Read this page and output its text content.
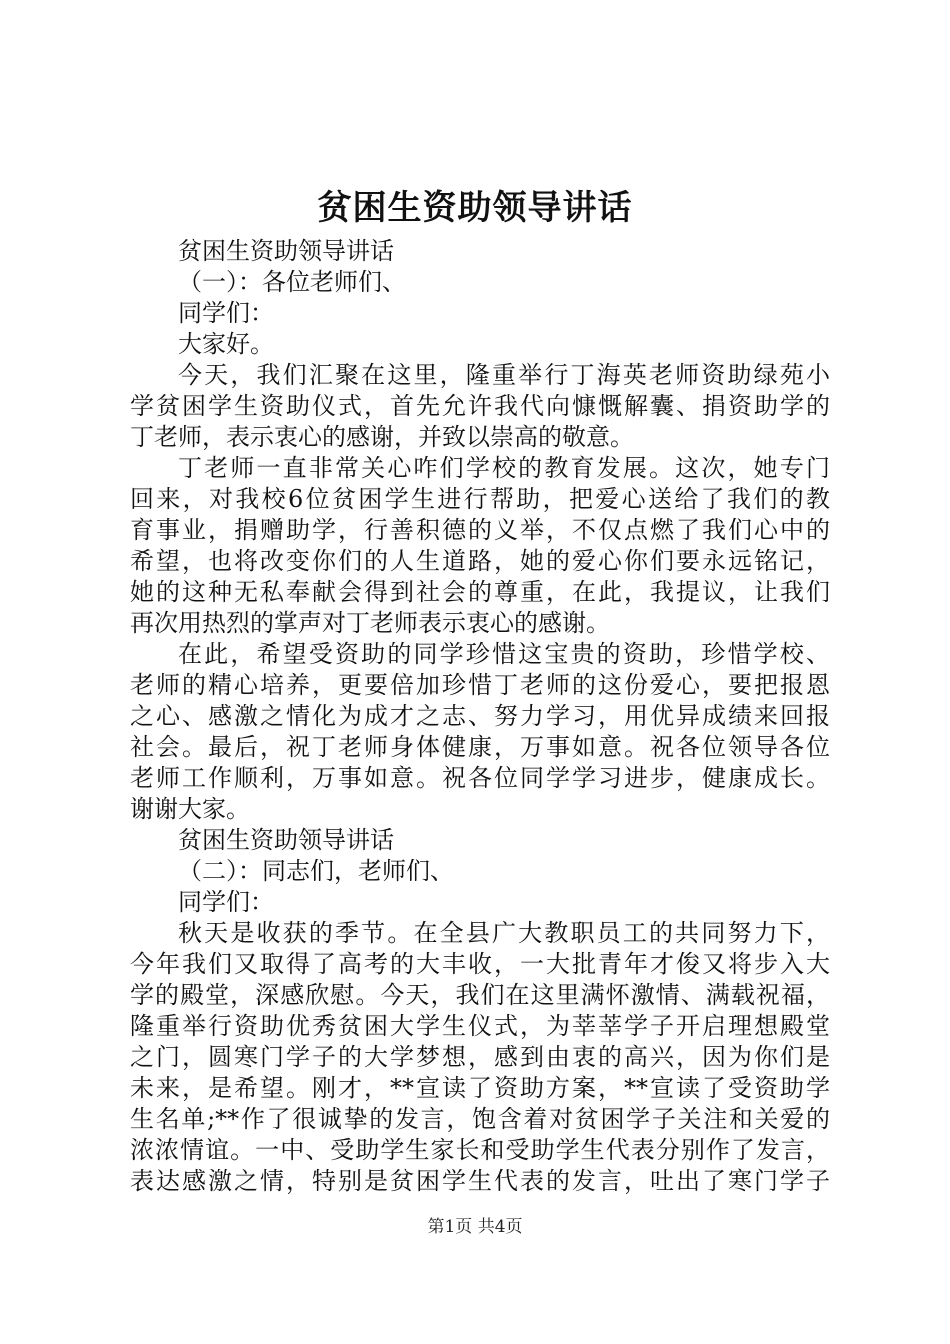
贫困生资助领导讲话

贫困生资助领导讲话

（一）：各位老师们、

同学们：

大家好。

今天，我们汇聚在这里，隆重举行丁海英老师资助绿苑小

学贫困学生资助仪式，首先允许我代向慷慨解囊、捐资助学的

丁老师，表示衷心的感谢，并致以崇高的敬意。

丁老师一直非常关心咋们学校的教育发展。这次，她专门

回来，对我校6位贫困学生进行帮助，把爱心送给了我们的教

育事业，捐赠助学，行善积德的义举，不仅点燃了我们心中的

希望，也将改变你们的人生道路，她的爱心你们要永远铭记，

她的这种无私奉献会得到社会的尊重，在此，我提议，让我们

再次用热烈的掌声对丁老师表示衷心的感谢。

在此，希望受资助的同学珍惜这宝贵的资助，珍惜学校、

老师的精心培养，更要倍加珍惜丁老师的这份爱心，要把报恩

之心、感激之情化为成才之志、努力学习，用优异成绩来回报

社会。最后，祝丁老师身体健康，万事如意。祝各位领导各位

老师工作顺利，万事如意。祝各位同学学习进步，健康成长。

谢谢大家。

贫困生资助领导讲话

（二）：同志们，老师们、

同学们：

秋天是收获的季节。在全县广大教职员工的共同努力下，

今年我们又取得了高考的大丰收，一大批青年才俊又将步入大

学的殿堂，深感欣慰。今天，我们在这里满怀激情、满载祝福，

隆重举行资助优秀贫困大学生仪式，为莘莘学子开启理想殿堂

之门，圆寒门学子的大学梦想，感到由衷的高兴，因为你们是

未来，是希望。刚才，**宣读了资助方案，**宣读了受资助学

生名单;**作了很诚挚的发言，饱含着对贫困学子关注和关爱的

浓浓情谊。一中、受助学生家长和受助学生代表分别作了发言，

表达感激之情，特别是贫困学生代表的发言，吐出了寒门学子

第1页 共4页
